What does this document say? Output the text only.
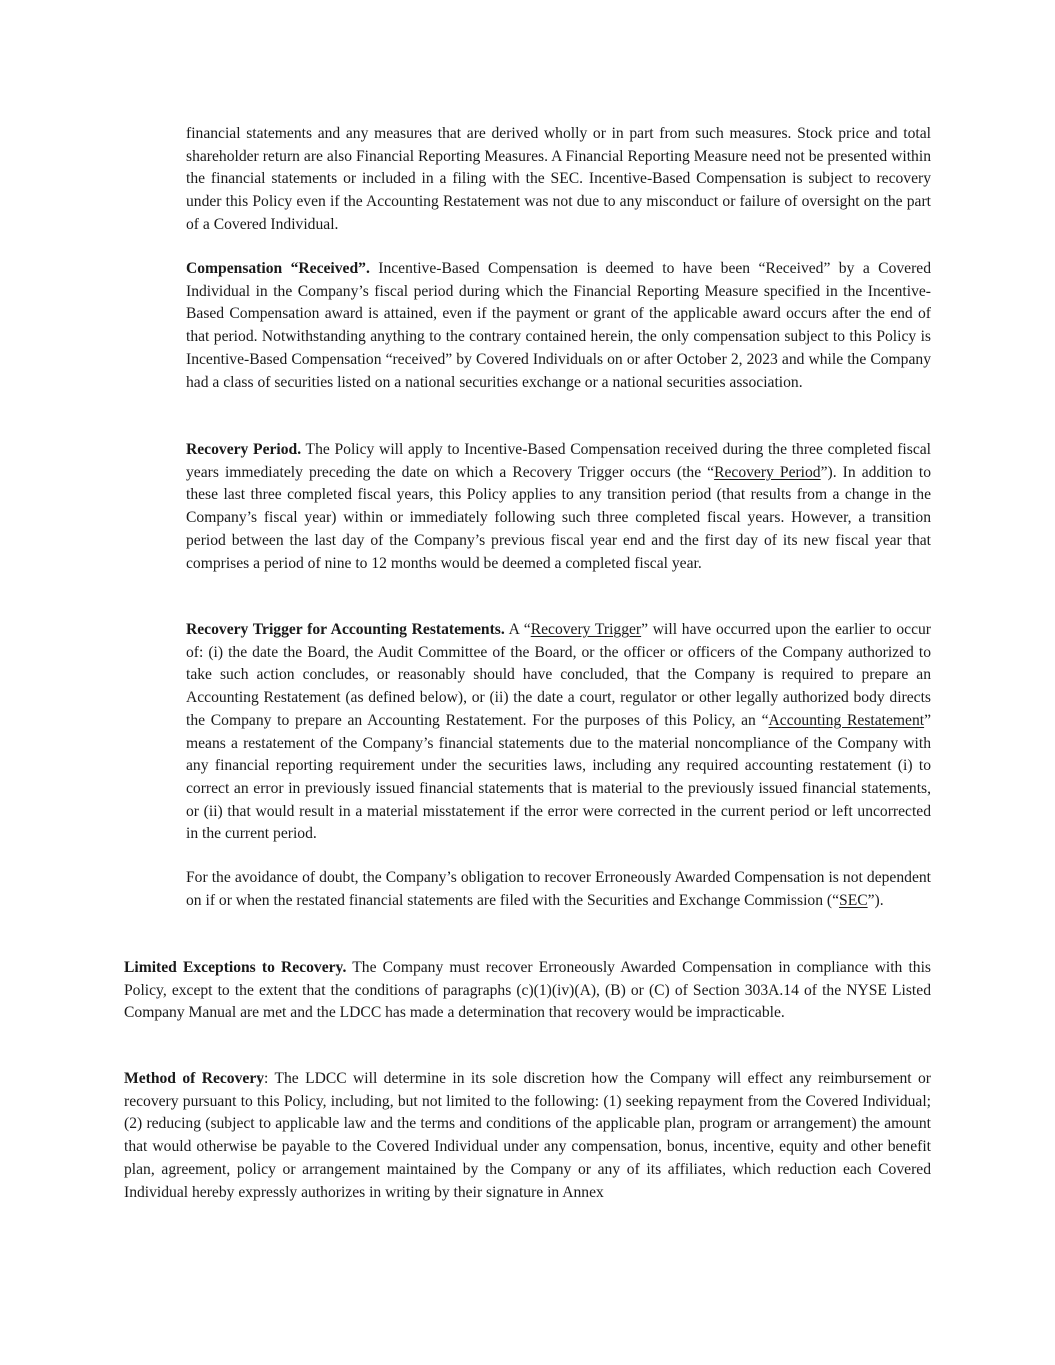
financial statements and any measures that are derived wholly or in part from such measures. Stock price and total shareholder return are also Financial Reporting Measures. A Financial Reporting Measure need not be presented within the financial statements or included in a filing with the SEC. Incentive-Based Compensation is subject to recovery under this Policy even if the Accounting Restatement was not due to any misconduct or failure of oversight on the part of a Covered Individual.

Compensation “Received”. Incentive-Based Compensation is deemed to have been “Received” by a Covered Individual in the Company’s fiscal period during which the Financial Reporting Measure specified in the Incentive-Based Compensation award is attained, even if the payment or grant of the applicable award occurs after the end of that period. Notwithstanding anything to the contrary contained herein, the only compensation subject to this Policy is Incentive-Based Compensation “received” by Covered Individuals on or after October 2, 2023 and while the Company had a class of securities listed on a national securities exchange or a national securities association.

Recovery Period. The Policy will apply to Incentive-Based Compensation received during the three completed fiscal years immediately preceding the date on which a Recovery Trigger occurs (the “Recovery Period”). In addition to these last three completed fiscal years, this Policy applies to any transition period (that results from a change in the Company’s fiscal year) within or immediately following such three completed fiscal years. However, a transition period between the last day of the Company’s previous fiscal year end and the first day of its new fiscal year that comprises a period of nine to 12 months would be deemed a completed fiscal year.

Recovery Trigger for Accounting Restatements. A “Recovery Trigger” will have occurred upon the earlier to occur of: (i) the date the Board, the Audit Committee of the Board, or the officer or officers of the Company authorized to take such action concludes, or reasonably should have concluded, that the Company is required to prepare an Accounting Restatement (as defined below), or (ii) the date a court, regulator or other legally authorized body directs the Company to prepare an Accounting Restatement. For the purposes of this Policy, an “Accounting Restatement” means a restatement of the Company’s financial statements due to the material noncompliance of the Company with any financial reporting requirement under the securities laws, including any required accounting restatement (i) to correct an error in previously issued financial statements that is material to the previously issued financial statements, or (ii) that would result in a material misstatement if the error were corrected in the current period or left uncorrected in the current period.

For the avoidance of doubt, the Company’s obligation to recover Erroneously Awarded Compensation is not dependent on if or when the restated financial statements are filed with the Securities and Exchange Commission (“SEC”).

Limited Exceptions to Recovery. The Company must recover Erroneously Awarded Compensation in compliance with this Policy, except to the extent that the conditions of paragraphs (c)(1)(iv)(A), (B) or (C) of Section 303A.14 of the NYSE Listed Company Manual are met and the LDCC has made a determination that recovery would be impracticable.

Method of Recovery: The LDCC will determine in its sole discretion how the Company will effect any reimbursement or recovery pursuant to this Policy, including, but not limited to the following: (1) seeking repayment from the Covered Individual; (2) reducing (subject to applicable law and the terms and conditions of the applicable plan, program or arrangement) the amount that would otherwise be payable to the Covered Individual under any compensation, bonus, incentive, equity and other benefit plan, agreement, policy or arrangement maintained by the Company or any of its affiliates, which reduction each Covered Individual hereby expressly authorizes in writing by their signature in Annex
